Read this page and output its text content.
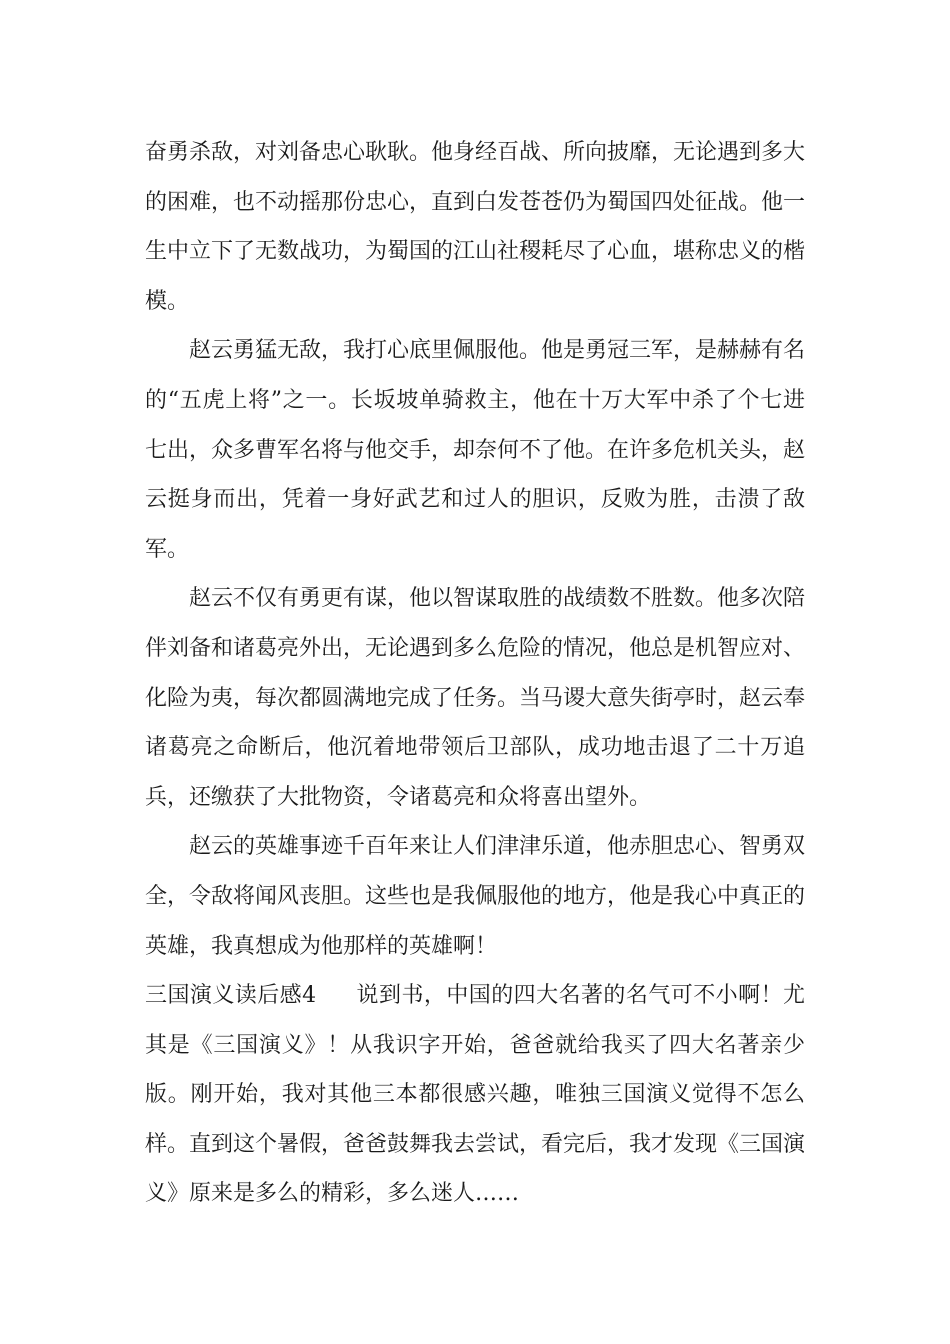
奋勇杀敌，对刘备忠心耿耿。他身经百战、所向披靡，无论遇到多大的困难，也不动摇那份忠心，直到白发苍苍仍为蜀国四处征战。他一生中立下了无数战功，为蜀国的江山社稷耗尽了心血，堪称忠义的楷模。

赵云勇猛无敌，我打心底里佩服他。他是勇冠三军，是赫赫有名的“五虎上将”之一。长坂坡单骑救主，他在十万大军中杀了个七进七出，众多曹军名将与他交手，却奈何不了他。在许多危机关头，赵云挺身而出，凭着一身好武艺和过人的胆识，反败为胜，击溃了敌军。

赵云不仅有勇更有谋，他以智谋取胜的战绩数不胜数。他多次陪伴刘备和诸葛亮外出，无论遇到多么危险的情况，他总是机智应对、化险为夷，每次都圆满地完成了任务。当马谡大意失街亭时，赵云奉诸葛亮之命断后，他沉着地带领后卫部队，成功地击退了二十万追兵，还缴获了大批物资，令诸葛亮和众将喜出望外。

赵云的英雄事迹千百年来让人们津津乐道，他赤胆忠心、智勇双全，令敌将闻风丧胆。这些也是我佩服他的地方，他是我心中真正的英雄，我真想成为他那样的英雄啊！

三国演义读后感4 说到书，中国的四大名著的名气可不小啊！尤其是《三国演义》！从我识字开始，爸爸就给我买了四大名著亲少版。刚开始，我对其他三本都很感兴趣，唯独三国演义觉得不怎么样。直到这个暑假，爸爸鼓舞我去尝试，看完后，我才发现《三国演义》原来是多么的精彩，多么迷人……
